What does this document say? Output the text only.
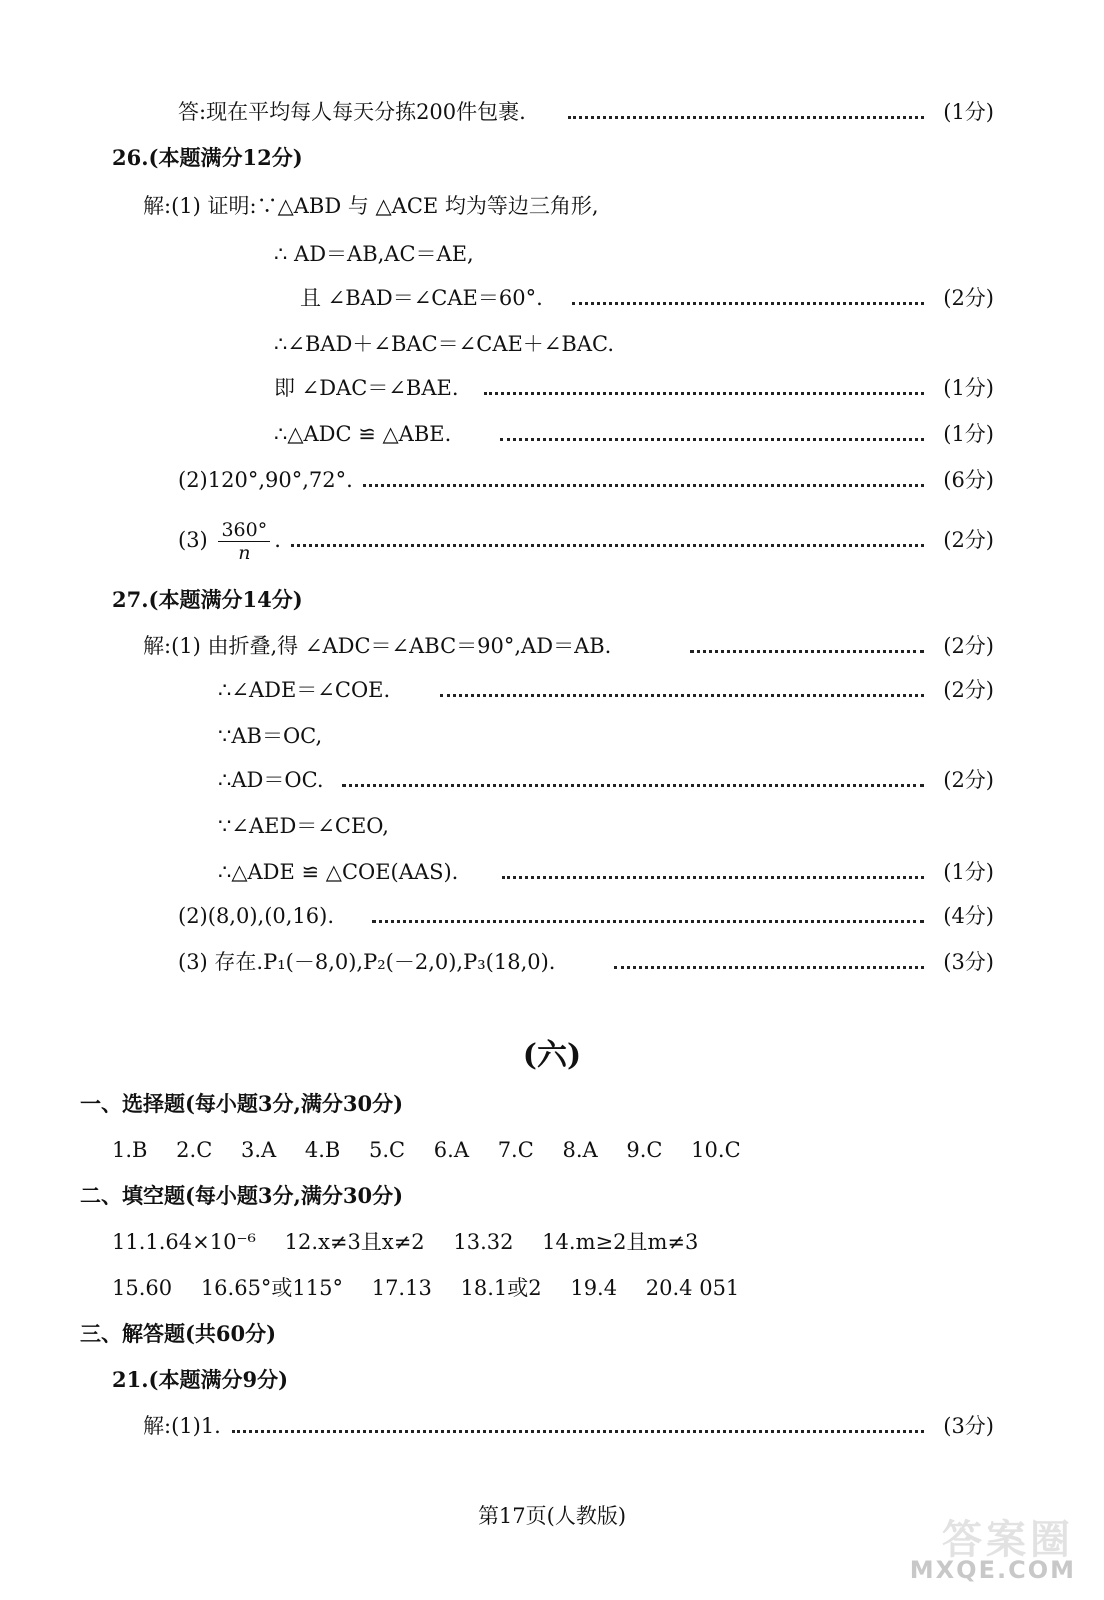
答:现在平均每人每天分拣200件包裹.	(1分)
26.(本题满分12分)
解:(1) 证明:∵△ABD 与 △ACE 均为等边三角形,
∴ AD＝AB,AC＝AE,
且 ∠BAD＝∠CAE＝60°.	(2分)
∴∠BAD＋∠BAC＝∠CAE＋∠BAC.
即 ∠DAC＝∠BAE.	(1分)
∴△ADC ≌ △ABE.	(1分)
(2)120°,90°,72°.	(6分)
$(3) \frac{360^\circ}{n}$ .	(2分)
27.(本题满分14分)
解:(1) 由折叠,得 ∠ADC＝∠ABC＝90°,AD＝AB.	(2分)
∴∠ADE＝∠COE.	(2分)
∵AB＝OC,
∴AD＝OC.	(2分)
∵∠AED＝∠CEO,
∴△ADE ≌ △COE(AAS).	(1分)
(2)(8,0),(0,16).	(4分)
(3) 存在.P₁(－8,0),P₂(－2,0),P₃(18,0).	(3分)
(六)
一、选择题(每小题3分,满分30分)
1.B 2.C 3.A 4.B 5.C 6.A 7.C 8.A 9.C 10.C
二、填空题(每小题3分,满分30分)
11.1.64×10⁻⁶ 12.x≠3且x≠2 13.32 14.m≥2且m≠3
15.60 16.65°或115° 17.13 18.1或2 19.4 20.4 051
三、解答题(共60分)
21.(本题满分9分)
解:(1)1.	(3分)
第17页(人教版)
答案圈
MXQE.COM
